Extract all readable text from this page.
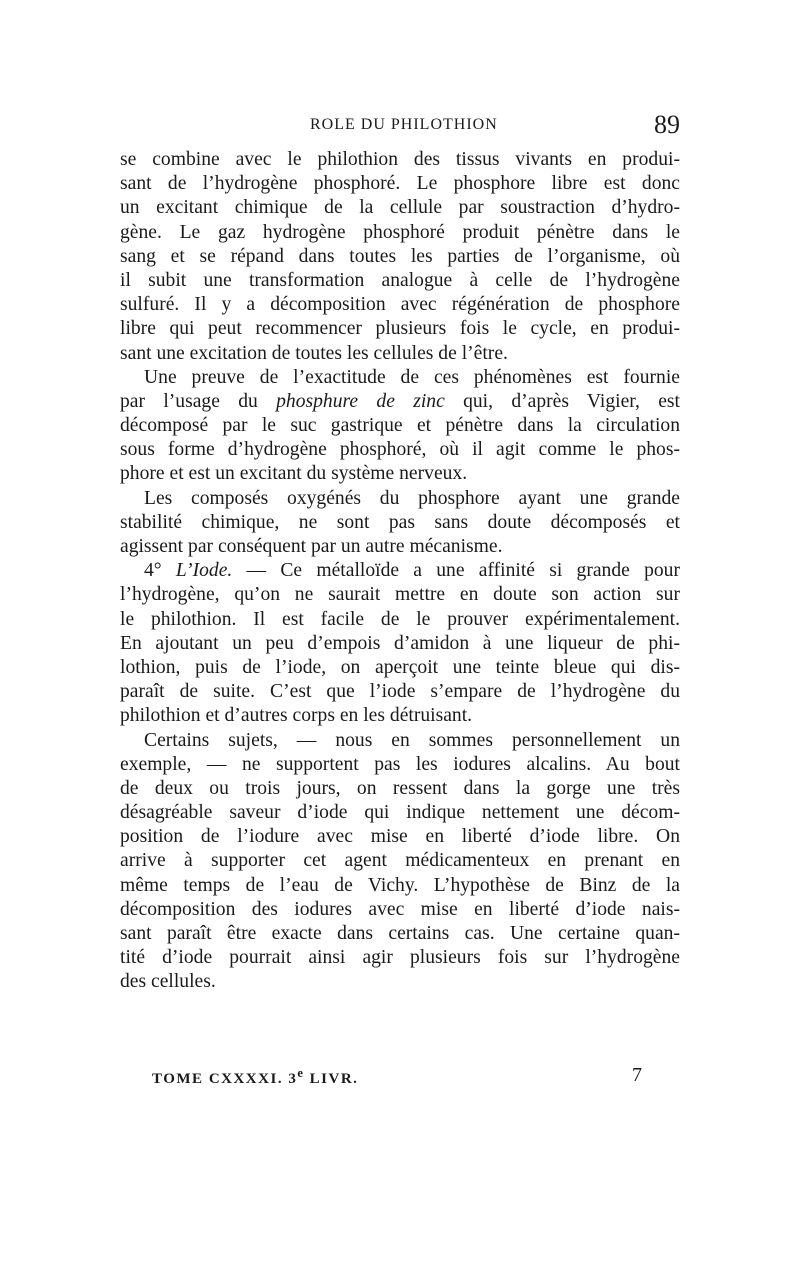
ROLE DU PHILOTHION	89
se combine avec le philothion des tissus vivants en produi-
sant de l’hydrogène phosphoré. Le phosphore libre est donc
un excitant chimique de la cellule par soustraction d’hydro-
gène. Le gaz hydrogène phosphoré produit pénètre dans le
sang et se répand dans toutes les parties de l’organisme, où
il subit une transformation analogue à celle de l’hydrogène
sulfuré. Il y a décomposition avec régénération de phosphore
libre qui peut recommencer plusieurs fois le cycle, en produi-
sant une excitation de toutes les cellules de l’être.
Une preuve de l’exactitude de ces phénomènes est fournie
par l’usage du phosphure de zinc qui, d’après Vigier, est
décomposé par le suc gastrique et pénètre dans la circulation
sous forme d’hydrogène phosphoré, où il agit comme le phos-
phore et est un excitant du système nerveux.
Les composés oxygénés du phosphore ayant une grande
stabilité chimique, ne sont pas sans doute décomposés et
agissent par conséquent par un autre mécanisme.
4° L’Iode. — Ce métalloïde a une affinité si grande pour
l’hydrogène, qu’on ne saurait mettre en doute son action sur
le philothion. Il est facile de le prouver expérimentalement.
En ajoutant un peu d’empois d’amidon à une liqueur de phi-
lothion, puis de l’iode, on aperçoit une teinte bleue qui dis-
paraît de suite. C’est que l’iode s’empare de l’hydrogène du
philothion et d’autres corps en les détruisant.
Certains sujets, — nous en sommes personnellement un
exemple, — ne supportent pas les iodures alcalins. Au bout
de deux ou trois jours, on ressent dans la gorge une très
désagréable saveur d’iode qui indique nettement une décom-
position de l’iodure avec mise en liberté d’iode libre. On
arrive à supporter cet agent médicamenteux en prenant en
même temps de l’eau de Vichy. L’hypothèse de Binz de la
décomposition des iodures avec mise en liberté d’iode nais-
sant paraît être exacte dans certains cas. Une certaine quan-
tité d’iode pourrait ainsi agir plusieurs fois sur l’hydrogène
des cellules.
TOME CXXXXI. 3e LIVR.	7
